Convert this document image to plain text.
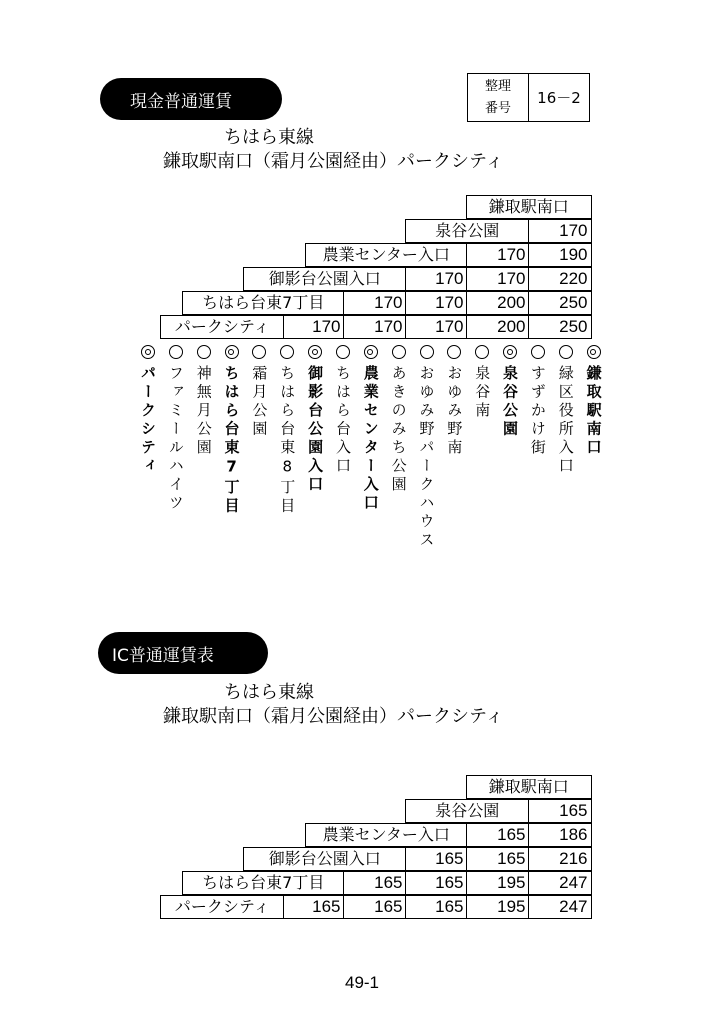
現金普通運賃
整理
番号
16－2
ちはら東線
鎌取駅南口（霜月公園経由）パークシティ
鎌取駅南口
泉谷公園	170
農業センター入口	170	190
御影台公園入口	170	170	220
ちはら台東7丁目	170	170	200	250
パークシティ	170	170	170	200	250
パークシティ ファミールハイツ 神無月公園 ちはら台東7丁目 霜月公園 ちはら台東8丁目 御影台公園入口 ちはら台入口 農業センター入口 あきのみち公園 おゆみ野パークハウス おゆみ野南 泉谷南 泉谷公園 すずかけ街 緑区役所入口 鎌取駅南口
IC普通運賃表
ちはら東線
鎌取駅南口（霜月公園経由）パークシティ
鎌取駅南口
泉谷公園	165
農業センター入口	165	186
御影台公園入口	165	165	216
ちはら台東7丁目	165	165	195	247
パークシティ	165	165	165	195	247
49-1
